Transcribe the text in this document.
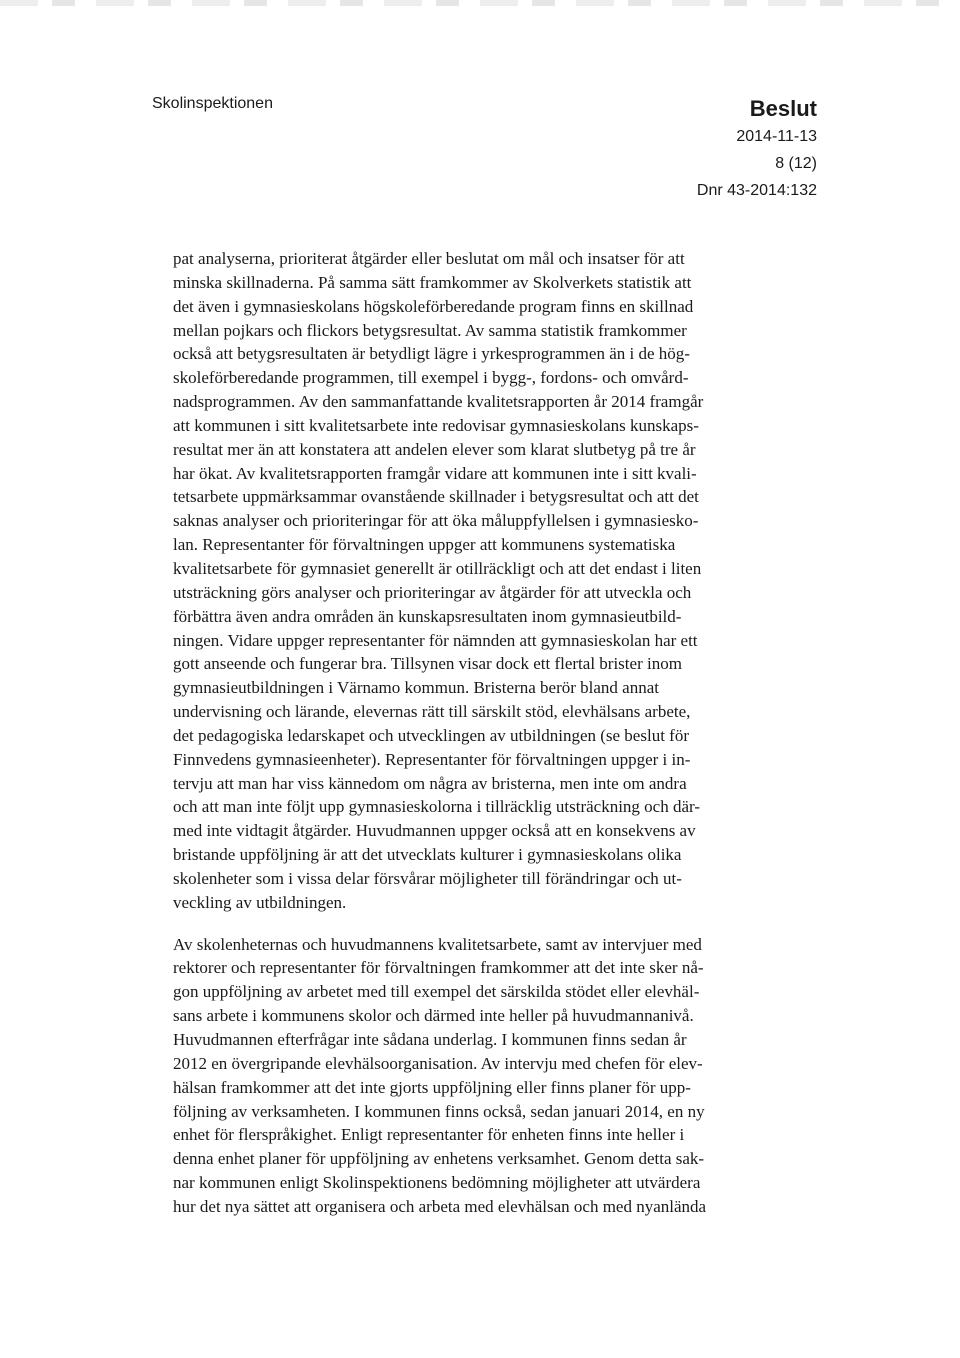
Skolinspektionen	Beslut
2014-11-13
8 (12)
Dnr 43-2014:132
pat analyserna, prioriterat åtgärder eller beslutat om mål och insatser för att
minska skillnaderna. På samma sätt framkommer av Skolverkets statistik att
det även i gymnasieskolans högskoleförberedande program finns en skillnad
mellan pojkars och flickors betygsresultat. Av samma statistik framkommer
också att betygsresultaten är betydligt lägre i yrkesprogrammen än i de hög-
skoleförberedande programmen, till exempel i bygg-, fordons- och omvård-
nadsprogrammen. Av den sammanfattande kvalitetsrapporten år 2014 framgår
att kommunen i sitt kvalitetsarbete inte redovisar gymnasieskolans kunskaps-
resultat mer än att konstatera att andelen elever som klarat slutbetyg på tre år
har ökat. Av kvalitetsrapporten framgår vidare att kommunen inte i sitt kvali-
tetsarbete uppmärksammar ovanstående skillnader i betygsresultat och att det
saknas analyser och prioriteringar för att öka måluppfyllelsen i gymnasiesko-
lan. Representanter för förvaltningen uppger att kommunens systematiska
kvalitetsarbete för gymnasiet generellt är otillräckligt och att det endast i liten
utsträckning görs analyser och prioriteringar av åtgärder för att utveckla och
förbättra även andra områden än kunskapsresultaten inom gymnasieutbild-
ningen. Vidare uppger representanter för nämnden att gymnasieskolan har ett
gott anseende och fungerar bra. Tillsynen visar dock ett flertal brister inom
gymnasieutbildningen i Värnamo kommun. Bristerna berör bland annat
undervisning och lärande, elevernas rätt till särskilt stöd, elevhälsans arbete,
det pedagogiska ledarskapet och utvecklingen av utbildningen (se beslut för
Finnvedens gymnasieenheter). Representanter för förvaltningen uppger i in-
tervju att man har viss kännedom om några av bristerna, men inte om andra
och att man inte följt upp gymnasieskolorna i tillräcklig utsträckning och där-
med inte vidtagit åtgärder. Huvudmannen uppger också att en konsekvens av
bristande uppföljning är att det utvecklats kulturer i gymnasieskolans olika
skolenheter som i vissa delar försvårar möjligheter till förändringar och ut-
veckling av utbildningen.
Av skolenheternas och huvudmannens kvalitetsarbete, samt av intervjuer med
rektorer och representanter för förvaltningen framkommer att det inte sker nå-
gon uppföljning av arbetet med till exempel det särskilda stödet eller elevhäl-
sans arbete i kommunens skolor och därmed inte heller på huvudmannanivå.
Huvudmannen efterfrågar inte sådana underlag. I kommunen finns sedan år
2012 en övergripande elevhälsoorganisation. Av intervju med chefen för elev-
hälsan framkommer att det inte gjorts uppföljning eller finns planer för upp-
följning av verksamheten. I kommunen finns också, sedan januari 2014, en ny
enhet för flerspråkighet. Enligt representanter för enheten finns inte heller i
denna enhet planer för uppföljning av enhetens verksamhet. Genom detta sak-
nar kommunen enligt Skolinspektionens bedömning möjligheter att utvärdera
hur det nya sättet att organisera och arbeta med elevhälsan och med nyanlända
